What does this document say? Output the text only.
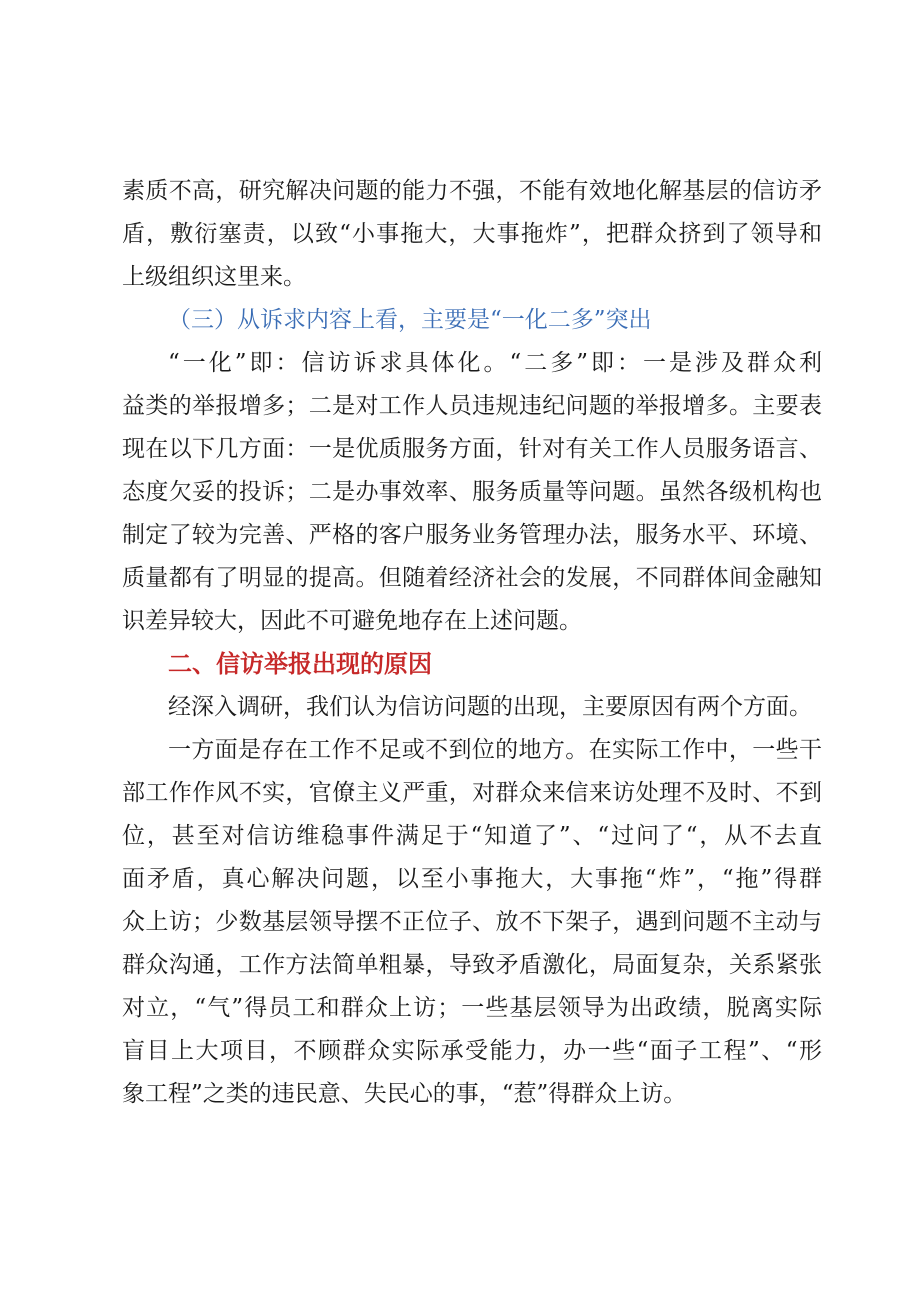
素质不高，研究解决问题的能力不强，不能有效地化解基层的信访矛
盾，敷衍塞责，以致“小事拖大，大事拖炸”，把群众挤到了领导和
上级组织这里来。
（三）从诉求内容上看，主要是“一化二多”突出
“一化”即：信访诉求具体化。“二多”即：一是涉及群众利
益类的举报增多；二是对工作人员违规违纪问题的举报增多。主要表
现在以下几方面：一是优质服务方面，针对有关工作人员服务语言、
态度欠妥的投诉；二是办事效率、服务质量等问题。虽然各级机构也
制定了较为完善、严格的客户服务业务管理办法，服务水平、环境、
质量都有了明显的提高。但随着经济社会的发展，不同群体间金融知
识差异较大，因此不可避免地存在上述问题。
二、信访举报出现的原因
经深入调研，我们认为信访问题的出现，主要原因有两个方面。
一方面是存在工作不足或不到位的地方。在实际工作中，一些干
部工作作风不实，官僚主义严重，对群众来信来访处理不及时、不到
位，甚至对信访维稳事件满足于“知道了”、“过问了“，从不去直
面矛盾，真心解决问题，以至小事拖大，大事拖“炸”，“拖”得群
众上访；少数基层领导摆不正位子、放不下架子，遇到问题不主动与
群众沟通，工作方法简单粗暴，导致矛盾激化，局面复杂，关系紧张
对立，“气”得员工和群众上访；一些基层领导为出政绩，脱离实际
盲目上大项目，不顾群众实际承受能力，办一些“面子工程”、“形
象工程”之类的违民意、失民心的事，“惹”得群众上访。
